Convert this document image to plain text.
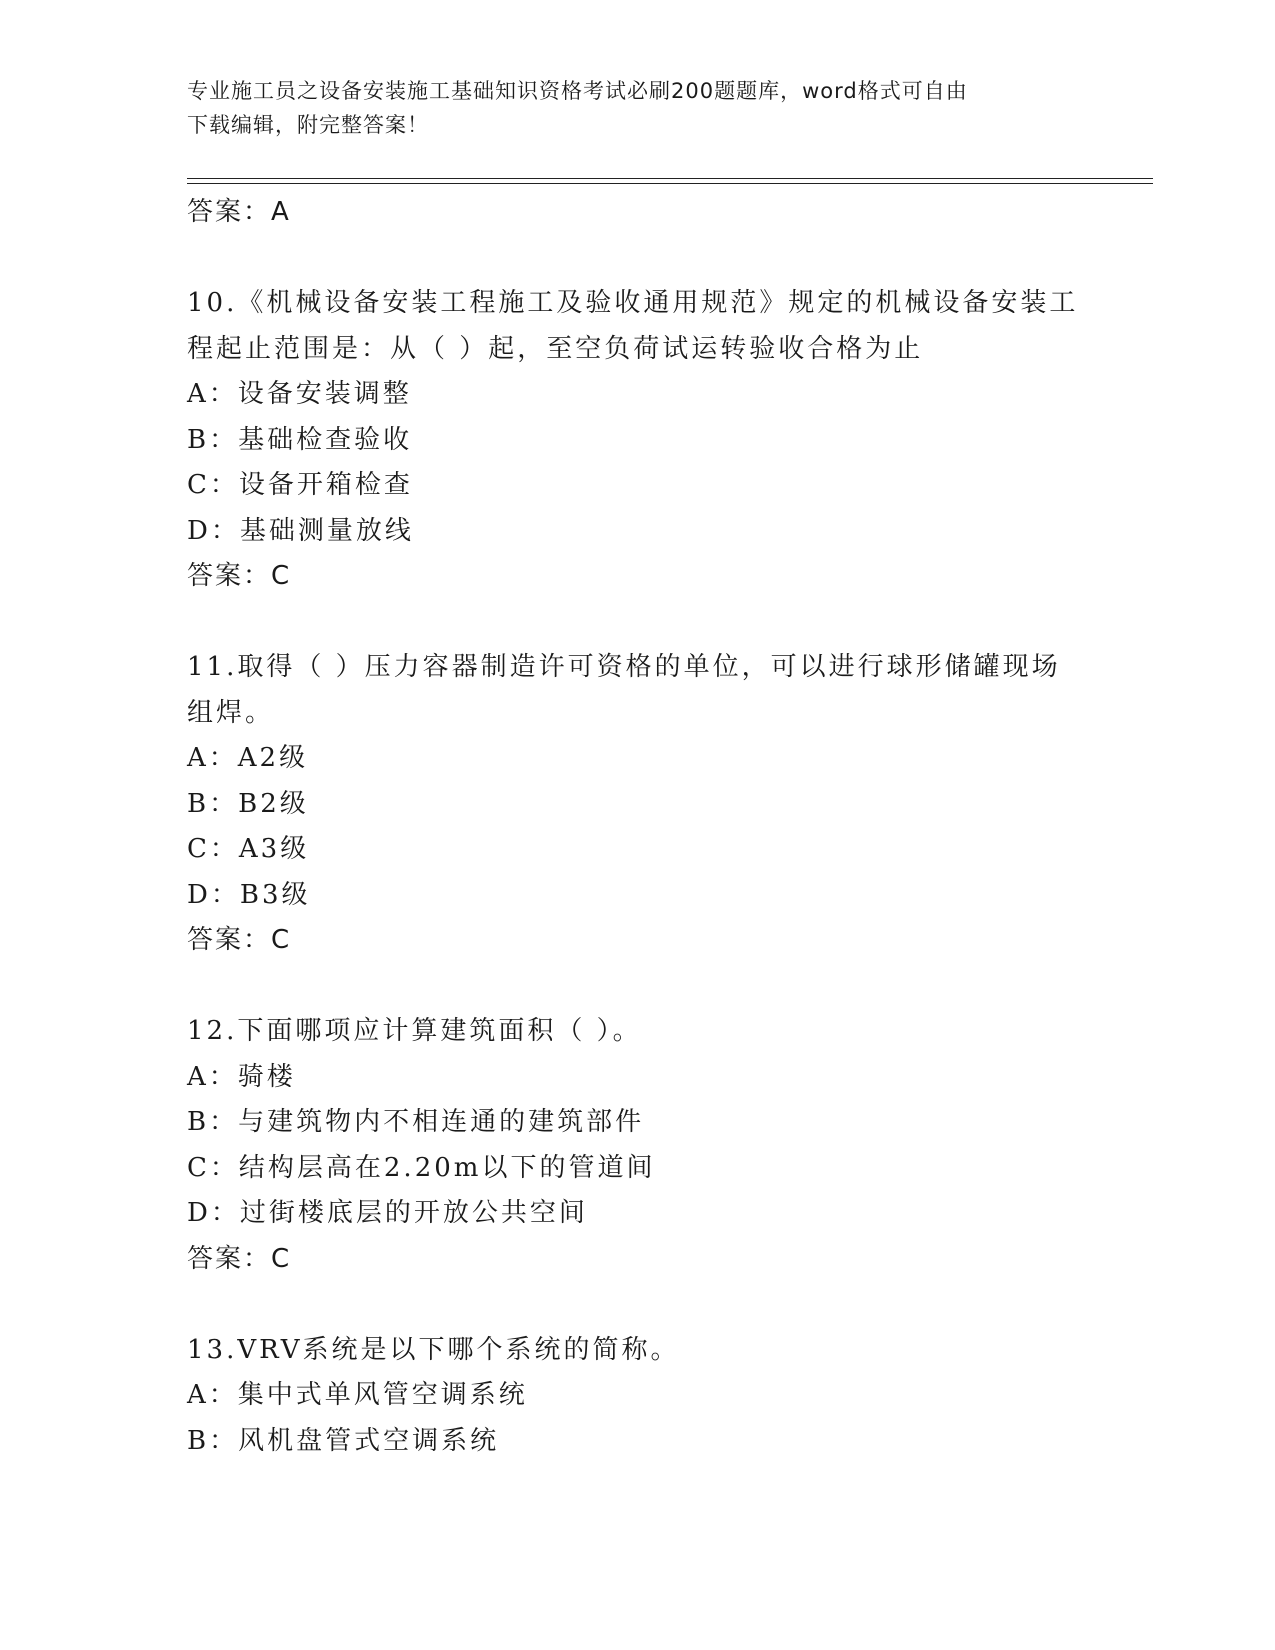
专业施工员之设备安装施工基础知识资格考试必刷200题题库，word格式可自由
下载编辑，附完整答案！
答案：A
10.《机械设备安装工程施工及验收通用规范》规定的机械设备安装工
程起止范围是：从（ ）起，至空负荷试运转验收合格为止
A：设备安装调整
B：基础检查验收
C：设备开箱检查
D：基础测量放线
答案：C
11.取得（ ）压力容器制造许可资格的单位，可以进行球形储罐现场
组焊。
A：A2级
B：B2级
C：A3级
D：B3级
答案：C
12.下面哪项应计算建筑面积（ ）。
A：骑楼
B：与建筑物内不相连通的建筑部件
C：结构层高在2.20m以下的管道间
D：过街楼底层的开放公共空间
答案：C
13.VRV系统是以下哪个系统的简称。
A：集中式单风管空调系统
B：风机盘管式空调系统
